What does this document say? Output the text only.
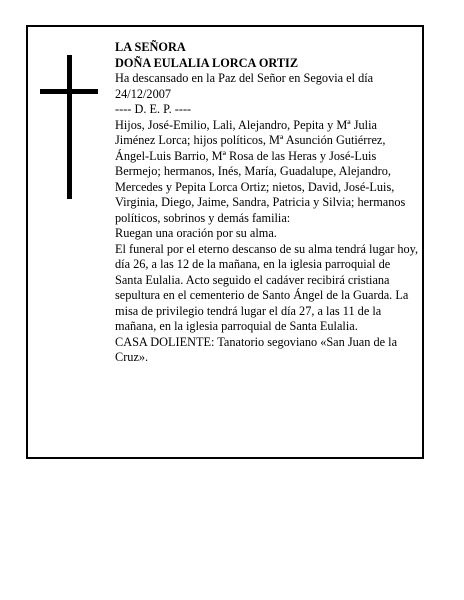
LA SEÑORA

DOÑA EULALIA LORCA ORTIZ

Ha descansado en la Paz del Señor en Segovia el día 24/12/2007

---- D. E. P. ----

Hijos, José-Emilio, Lali, Alejandro, Pepita y Mª Julia Jiménez Lorca; hijos políticos, Mª Asunción Gutiérrez, Ángel-Luis Barrio, Mª Rosa de las Heras y José-Luis Bermejo; hermanos, Inés, María, Guadalupe, Alejandro, Mercedes y Pepita Lorca Ortiz; nietos, David, José-Luis, Virginia, Diego, Jaime, Sandra, Patricia y Silvia; hermanos políticos, sobrinos y demás familia:

Ruegan una oración por su alma.

El funeral por el eterno descanso de su alma tendrá lugar hoy, día 26, a las 12 de la mañana, en la iglesia parroquial de Santa Eulalia. Acto seguido el cadáver recibirá cristiana sepultura en el cementerio de Santo Ángel de la Guarda. La misa de privilegio tendrá lugar el día 27, a las 11 de la mañana, en la iglesia parroquial de Santa Eulalia.

CASA DOLIENTE: Tanatorio segoviano «San Juan de la Cruz».
